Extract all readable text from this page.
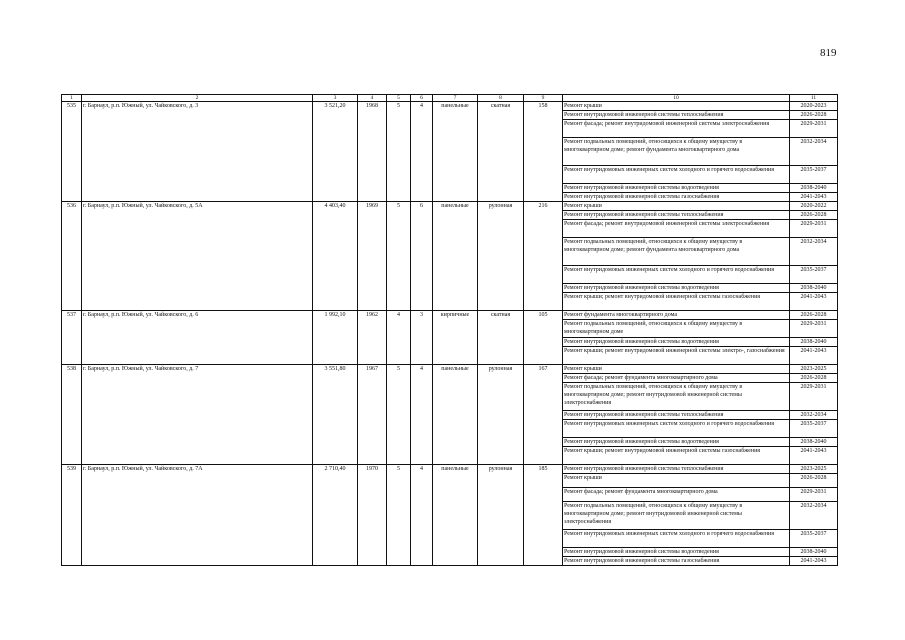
819
1	2	3	4	5	6	7	8	9	10	11
535	г. Барнаул, р.п. Южный, ул. Чайковского, д. 3	3 521,20	1968	5	4	панельные	скатная	158	Ремонт крыши	2020-2023
									Ремонт внутридомовой инженерной системы теплоснабжения	2026-2028
									Ремонт фасада; ремонт внутридомовой инженерной системы электроснабжения	2029-2031
									Ремонт подвальных помещений, относящихся к общему имуществу в многоквартирном доме; ремонт фундамента многоквартирного дома	2032-2034
									Ремонт внутридомовых инженерных систем холодного и горячего водоснабжения	2035-2037
									Ремонт внутридомовой инженерной системы водоотведения	2038-2040
									Ремонт внутридомовой инженерной системы газоснабжения	2041-2043
536	г. Барнаул, р.п. Южный, ул. Чайковского, д. 5А	4 403,40	1969	5	6	панельные	рулонная	216	Ремонт крыши	2020-2022
									Ремонт внутридомовой инженерной системы теплоснабжения	2026-2028
									Ремонт фасада; ремонт внутридомовой инженерной системы электроснабжения	2029-2031
									Ремонт подвальных помещений, относящихся к общему имуществу в многоквартирном доме; ремонт фундамента многоквартирного дома	2032-2034
									Ремонт внутридомовых инженерных систем холодного и горячего водоснабжения	2035-2037
									Ремонт внутридомовой инженерной системы водоотведения	2038-2040
									Ремонт крыши; ремонт внутридомовой инженерной системы газоснабжения	2041-2043
537	г. Барнаул, р.п. Южный, ул. Чайковского, д. 6	1 992,10	1962	4	3	кирпичные	скатная	105	Ремонт фундамента многоквартирного дома	2026-2028
									Ремонт подвальных помещений, относящихся к общему имуществу в многоквартирном доме	2029-2031
									Ремонт внутридомовой инженерной системы водоотведения	2038-2040
									Ремонт крыши; ремонт внутридомовой инженерной системы электро-, газоснабжения	2041-2043
538	г. Барнаул, р.п. Южный, ул. Чайковского, д. 7	3 551,80	1967	5	4	панельные	рулонная	167	Ремонт крыши	2023-2025
									Ремонт фасада; ремонт фундамента многоквартирного дома	2026-2028
									Ремонт подвальных помещений, относящихся к общему имуществу в многоквартирном доме; ремонт внутридомовой инженерной системы электроснабжения	2029-2031
									Ремонт внутридомовой инженерной системы теплоснабжения	2032-2034
									Ремонт внутридомовых инженерных систем холодного и горячего водоснабжения	2035-2037
									Ремонт внутридомовой инженерной системы водоотведения	2038-2040
									Ремонт крыши; ремонт внутридомовой инженерной системы газоснабжения	2041-2043
539	г. Барнаул, р.п. Южный, ул. Чайковского, д. 7А	2 710,40	1970	5	4	панельные	рулонная	185	Ремонт внутридомовой инженерной системы теплоснабжения	2023-2025
									Ремонт крыши	2026-2028
									Ремонт фасада; ремонт фундамента многоквартирного дома	2029-2031
									Ремонт подвальных помещений, относящихся к общему имуществу в многоквартирном доме; ремонт внутридомовой инженерной системы электроснабжения	2032-2034
									Ремонт внутридомовых инженерных систем холодного и горячего водоснабжения	2035-2037
									Ремонт внутридомовой инженерной системы водоотведения	2038-2040
									Ремонт внутридомовой инженерной системы газоснабжения	2041-2043
